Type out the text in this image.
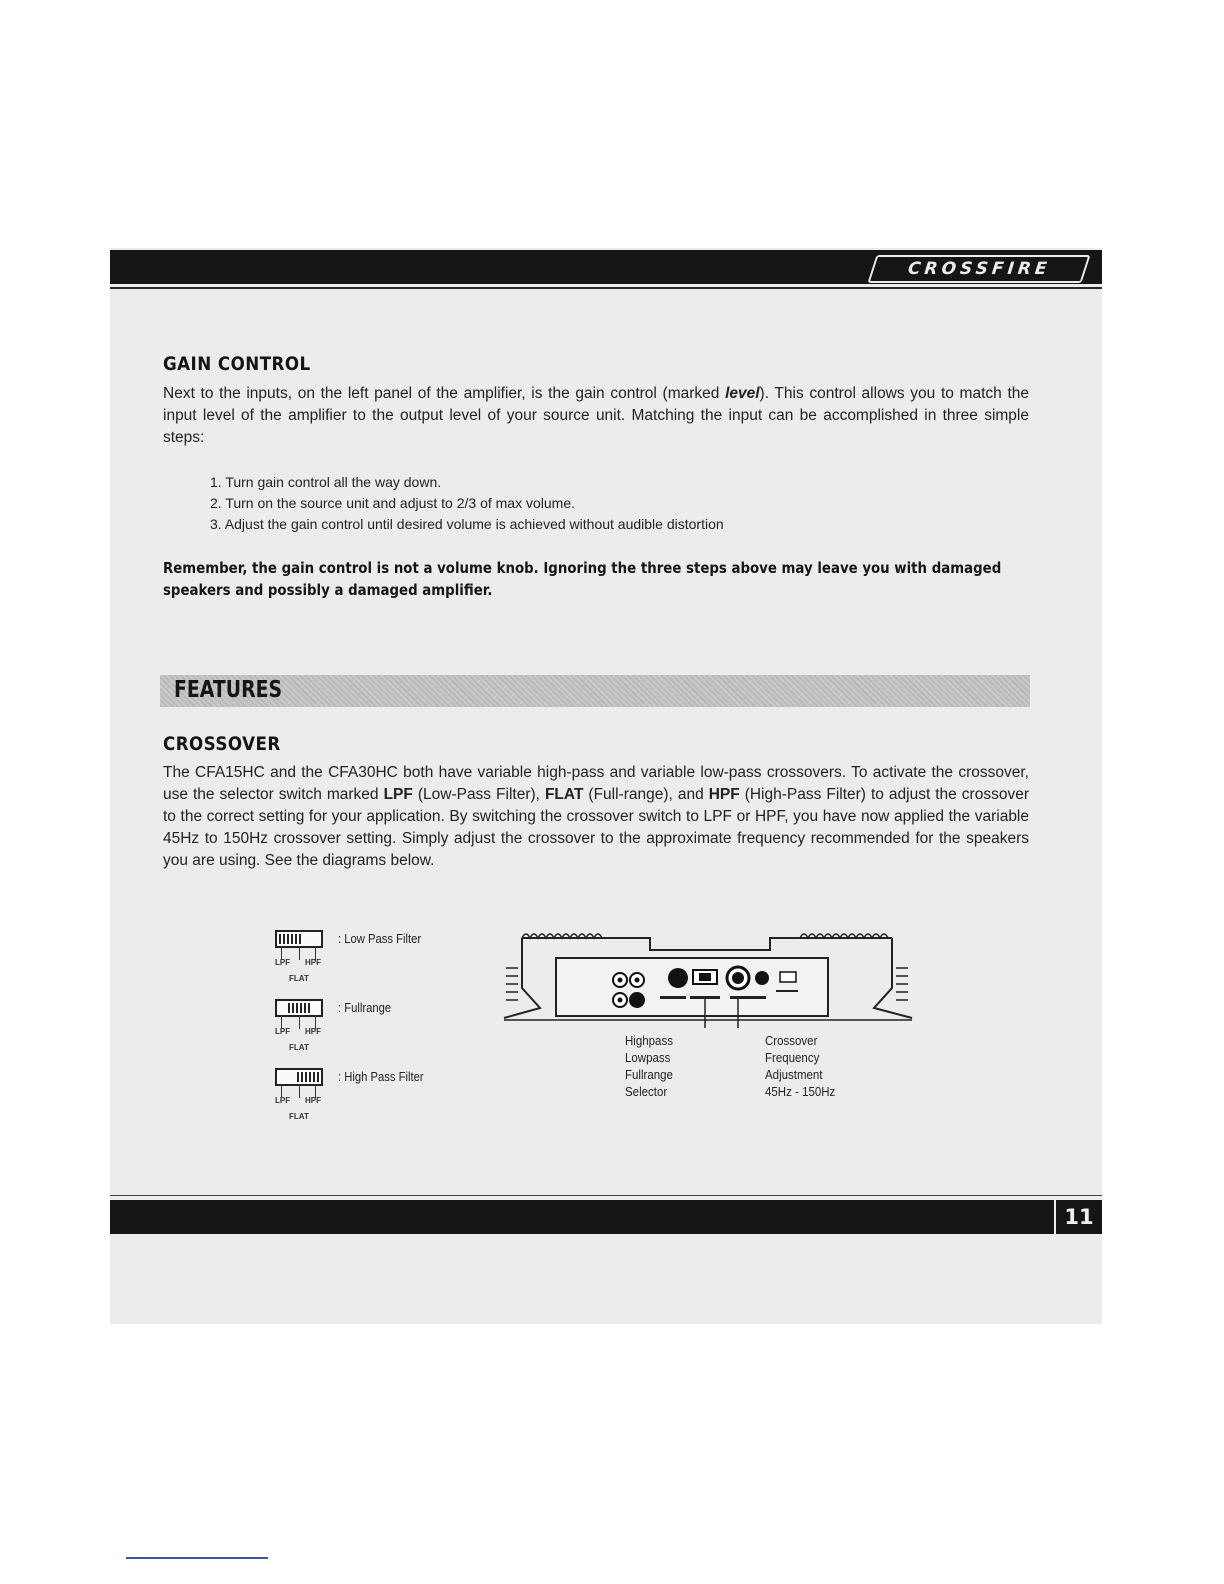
CROSSFIRE
GAIN CONTROL

Next to the inputs, on the left panel of the amplifier, is the gain control (marked level). This control allows you to match the input level of the amplifier to the output level of your source unit. Matching the input can be accomplished in three simple steps:

1. Turn gain control all the way down.
2. Turn on the source unit and adjust to 2/3 of max volume.
3. Adjust the gain control until desired volume is achieved without audible distortion

Remember, the gain control is not a volume knob. Ignoring the three steps above may leave you with damaged speakers and possibly a damaged amplifier.

FEATURES
CROSSOVER

The CFA15HC and the CFA30HC both have variable high-pass and variable low-pass crossovers. To activate the crossover, use the selector switch marked LPF (Low-Pass Filter), FLAT (Full-range), and HPF (High-Pass Filter) to adjust the crossover to the correct setting for your application. By switching the crossover switch to LPF or HPF, you have now applied the variable 45Hz to 150Hz crossover setting. Simply adjust the crossover to the approximate frequency recommended for the speakers you are using. See the diagrams below.

LPF HPF
FLAT
: Low Pass Filter
LPF HPF
FLAT
: Fullrange
LPF HPF
FLAT
: High Pass Filter
Highpass
Lowpass
Fullrange
Selector
Crossover
Frequency
Adjustment
45Hz - 150Hz
11
